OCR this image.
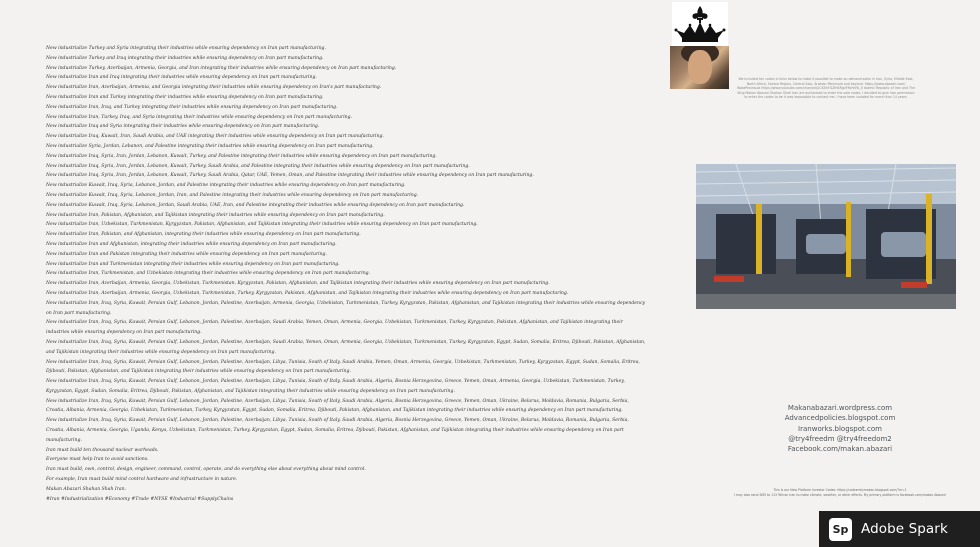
New industrialize Turkey and Syria integrating their industries while ensuring dependency on Iran part manufacturing.

New industrialize Turkey and Iraq integrating their industries while ensuring dependency on Iran part manufacturing.

New industrialize Turkey, Azerbaijan, Armenia, Georgia, and Iran integrating their industries while ensuring dependency on Iran part manufacturing.

New industrialize Iran and Iraq integrating their industries while ensuring dependency on Iran part manufacturing.

New industrialize Iran, Azerbaijan, Armenia, and Georgia integrating their industries while ensuring dependency on Iran's part manufacturing.

New industrialize Iran and Turkey integrating their industries while ensuring dependency on Iran part manufacturing.

New industrialize Iran, Iraq, and Turkey integrating their industries while ensuring dependency on Iran part manufacturing.

New industrialize Iran, Turkey, Iraq, and Syria integrating their industries while ensuring dependency on Iran part manufacturing.

New industrialize Iraq and Syria integrating their industries while ensuring dependency on Iran part manufacturing.

New industrialize Iraq, Kuwait, Iran, Saudi Arabia, and UAE integrating their industries while ensuring dependency on Iran part manufacturing.

New industrialize Syria, Jordan, Lebanon, and Palestine integrating their industries while ensuring dependency on Iran part manufacturing.

New industrialize Iraq, Syria, Iran, Jordan, Lebanon, Kuwait, Turkey, and Palestine integrating their industries while ensuring dependency on Iran part manufacturing.

New industrialize Iraq, Syria, Iran, Jordan, Lebanon, Kuwait, Turkey, Saudi Arabia, and Palestine integrating their industries while ensuring dependency on Iran part manufacturing.

New industrialize Iraq, Syria, Iran, Jordan, Lebanon, Kuwait, Turkey, Saudi Arabia, Qatar, UAE, Yemen, Oman, and Palestine integrating their industries while ensuring dependency on Iran part manufacturing.

New industrialize Kuwait, Iraq, Syria, Lebanon, Jordan, and Palestine integrating their industries while ensuring dependency on Iran part manufacturing.

New industrialize Kuwait, Iraq, Syria, Lebanon, Jordan, Iran, and Palestine integrating their industries while ensuring dependency on Iran part manufacturing.

New industrialize Kuwait, Iraq, Syria, Lebanon, Jordan, Saudi Arabia, UAE, Iran, and Palestine integrating their industries while ensuring dependency on Iran part manufacturing.

New industrialize Iran, Pakistan, Afghanistan, and Tajikistan integrating their industries while ensuring dependency on Iran part manufacturing.

New industrialize Iran, Uzbekistan, Turkmenistan, Kyrgyzstan, Pakistan, Afghanistan, and Tajikistan integrating their industries while ensuring dependency on Iran part manufacturing.

New industrialize Iran, Pakistan, and Afghanistan, integrating their industries while ensuring dependency on Iran part manufacturing.

New industrialize Iran and Afghanistan, integrating their industries while ensuring dependency on Iran part manufacturing.

New industrialize Iran and Pakistan integrating their industries while ensuring dependency on Iran part manufacturing.

New industrialize Iran and Turkmenistan integrating their industries while ensuring dependency on Iran part manufacturing.

New industrialize Iran, Turkmenistan, and Uzbekistan integrating their industries while ensuring dependency on Iran part manufacturing.

New industrialize Iran, Azerbaijan, Armenia, Georgia, Uzbekistan, Turkmenistan, Kyrgyzstan, Pakistan, Afghanistan, and Tajikistan integrating their industries while ensuring dependency on Iran part manufacturing.

New industrialize Iran, Azerbaijan, Armenia, Georgia, Uzbekistan, Turkmenistan, Turkey, Kyrgyzstan, Pakistan, Afghanistan, and Tajikistan integrating their industries while ensuring dependency on Iran part manufacturing.

New industrialize Iran, Iraq, Syria, Kuwait, Persian Gulf, Lebanon, Jordan, Palestine, Azerbaijan, Armenia, Georgia, Uzbekistan, Turkmenistan, Turkey, Kyrgyzstan, Pakistan, Afghanistan, and Tajikistan integrating their industries while ensuring dependency on Iran part manufacturing.

New industrialize Iran, Iraq, Syria, Kuwait, Persian Gulf, Lebanon, Jordan, Palestine, Azerbaijan, Saudi Arabia, Yemen, Oman, Armenia, Georgia, Uzbekistan, Turkmenistan, Turkey, Kyrgyzstan, Pakistan, Afghanistan, and Tajikistan integrating their industries while ensuring dependency on Iran part manufacturing.

New industrialize Iran, Iraq, Syria, Kuwait, Persian Gulf, Lebanon, Jordan, Palestine, Azerbaijan, Saudi Arabia, Yemen, Oman, Armenia, Georgia, Uzbekistan, Turkmenistan, Turkey, Kyrgyzstan, Egypt, Sudan, Somalia, Eritrea, Djibouti, Pakistan, Afghanistan, and Tajikistan integrating their industries while ensuring dependency on Iran part manufacturing.

New industrialize Iran, Iraq, Syria, Kuwait, Persian Gulf, Lebanon, Jordan, Palestine, Azerbaijan, Libya, Tunisia, South of Italy, Saudi Arabia, Yemen, Oman, Armenia, Georgia, Uzbekistan, Turkmenistan, Turkey, Kyrgyzstan, Egypt, Sudan, Somalia, Eritrea, Djibouti, Pakistan, Afghanistan, and Tajikistan integrating their industries while ensuring dependency on Iran part manufacturing.

New industrialize Iran, Iraq, Syria, Kuwait, Persian Gulf, Lebanon, Jordan, Palestine, Azerbaijan, Libya, Tunisia, South of Italy, Saudi Arabia, Algeria, Bosnia Herzegovina, Greece, Yemen, Oman, Armenia, Georgia, Uzbekistan, Turkmenistan, Turkey, Kyrgyzstan, Egypt, Sudan, Somalia, Eritrea, Djibouti, Pakistan, Afghanistan, and Tajikistan integrating their industries while ensuring dependency on Iran part manufacturing.

New industrialize Iran, Iraq, Syria, Kuwait, Persian Gulf, Lebanon, Jordan, Palestine, Azerbaijan, Libya, Tunisia, South of Italy, Saudi Arabia, Algeria, Bosnia Herzegovina, Greece, Yemen, Oman, Ukraine, Belarus, Moldavia, Romania, Bulgaria, Serbia, Croatia, Albania, Armenia, Georgia, Uzbekistan, Turkmenistan, Turkey, Kyrgyzstan, Egypt, Sudan, Somalia, Eritrea, Djibouti, Pakistan, Afghanistan, and Tajikistan integrating their industries while ensuring dependency on Iran part manufacturing.

New industrialize Iran, Iraq, Syria, Kuwait, Persian Gulf, Lebanon, Jordan, Palestine, Azerbaijan, Libya, Tunisia, South of Italy, Saudi Arabia, Algeria, Bosnia Herzegovina, Greece, Yemen, Oman, Ukraine, Belarus, Moldavia, Romania, Bulgaria, Serbia, Croatia, Albania, Armenia, Georgia, Uganda, Kenya, Uzbekistan, Turkmenistan, Turkey, Kyrgyzstan, Egypt, Sudan, Somalia, Eritrea, Djibouti, Pakistan, Afghanistan, and Tajikistan integrating their industries while ensuring dependency on Iran part manufacturing.

Iran must build ten thousand nuclear warheads.

Everyone must help Iran to avoid sanctions.

Iran must build, own, control, design, engineer, command, control, operate, and do everything else about everything about mind control.

For example, Iran must build mind control hardware and infrastructure in nature.

Makan Abazari Shahan Shah Iran.

#Iran #Industrialization #Economy #Trade #NYSE #Industrial #SupplyChains

We included ten codes in links below to make it possible to make on-demand sales in Iran, Syria, Middle East, North Africa, Sahara Region, Central Asia, Arabian Peninsula and beyond. https://www.abazari.com/ WataPeninsula https://www.youtube.com/channel/UCKXhFGZfhKRgvFRzhhFA_0 Islamic Republic of Iran and The King Makan Abazari Shahan Shah Iran are authorized to enter the sale codes. I decided to give Iran permission to enter the codes to be it was impossible to contact me. I have been isolated for more than 14 years.
Makanabazari.wordpress.com
Advancedpolicies.blogspot.com
Iranworks.blogspot.com
@try4freedm @try4freedom2
Facebook.com/makan.abazari
This is our New Platform Investor Codes: https://codeentrymakan.blogspot.com/?m=1
I may also send SMS to 113 Tehran Iran to make climate, weather, or other effects. My primary platform is facebook.com/makan.Abazari
Sp Adobe Spark
